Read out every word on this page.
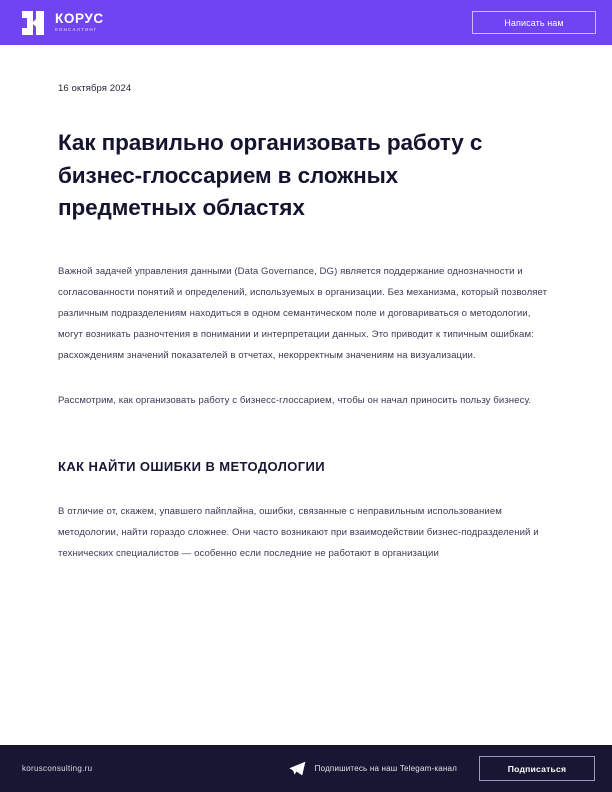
КОРУС
КОНСАЛТИНГ
Написать нам
16 октября 2024
Как правильно организовать работу с бизнес-глоссарием в сложных предметных областях

Важной задачей управления данными (Data Governance, DG) является поддержание однозначности и согласованности понятий и определений, используемых в организации. Без механизма, который позволяет различным подразделениям находиться в одном семантическом поле и договариваться о методологии, могут возникать разночтения в понимании и интерпретации данных. Это приводит к типичным ошибкам: расхождениям значений показателей в отчетах, некорректным значениям на визуализации.

Рассмотрим, как организовать работу с бизнесс-глоссарием, чтобы он начал приносить пользу бизнесу.

КАК НАЙТИ ОШИБКИ В МЕТОДОЛОГИИ

В отличие от, скажем, упавшего пайплайна, ошибки, связанные с неправильным использованием методологии, найти гораздо сложнее. Они часто возникают при взаимодействии бизнес-подразделений и технических специалистов — особенно если последние не работают в организации

korusconsulting.ru	Подпишитесь на наш Telegam-канал	Подписаться
